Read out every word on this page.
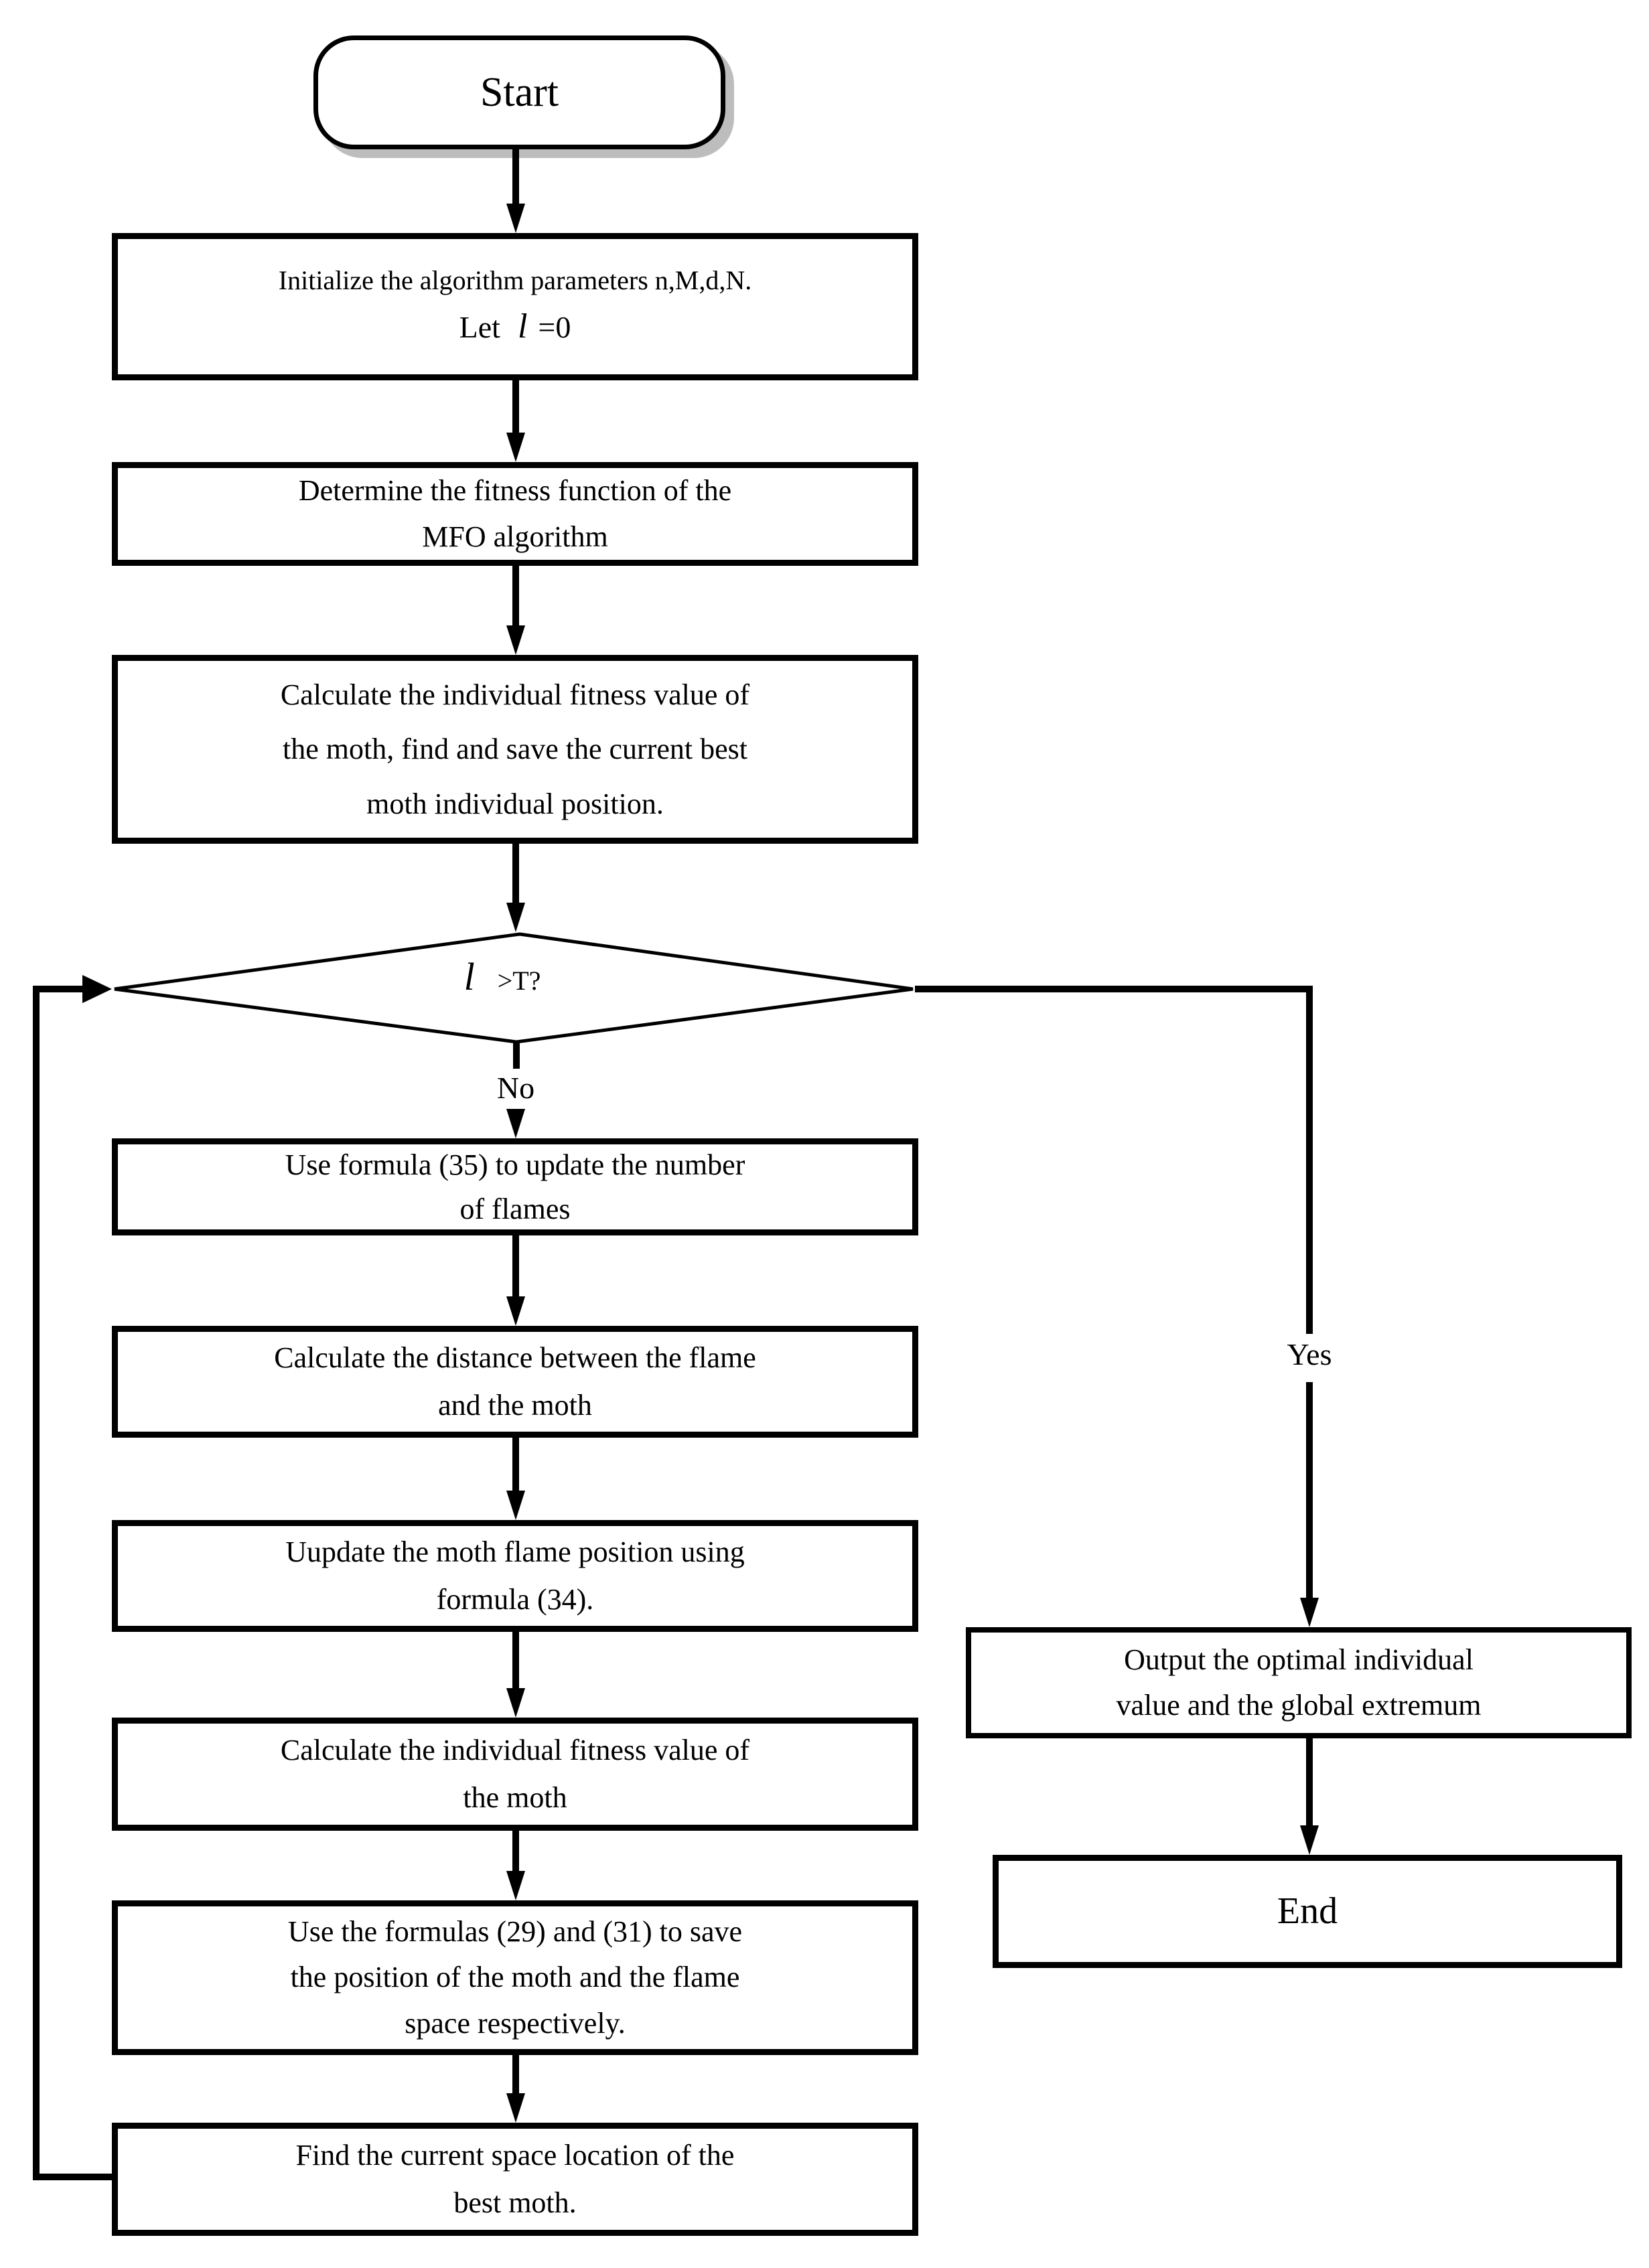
Start
Initialize the algorithm parameters n,M,d,N.
Let l =0
Determine the fitness function of the
MFO algorithm
Calculate the individual fitness value of
the moth, find and save the current best
moth individual position.
l >T?
No
Use formula (35) to update the number
of flames
Calculate the distance between the flame
and the moth
Uupdate the moth flame position using
formula (34).
Calculate the individual fitness value of
the moth
Use the formulas (29) and (31) to save
the position of the moth and the flame
space respectively.
Find the current space location of the
best moth.
Yes
Output the optimal individual
value and the global extremum
End
